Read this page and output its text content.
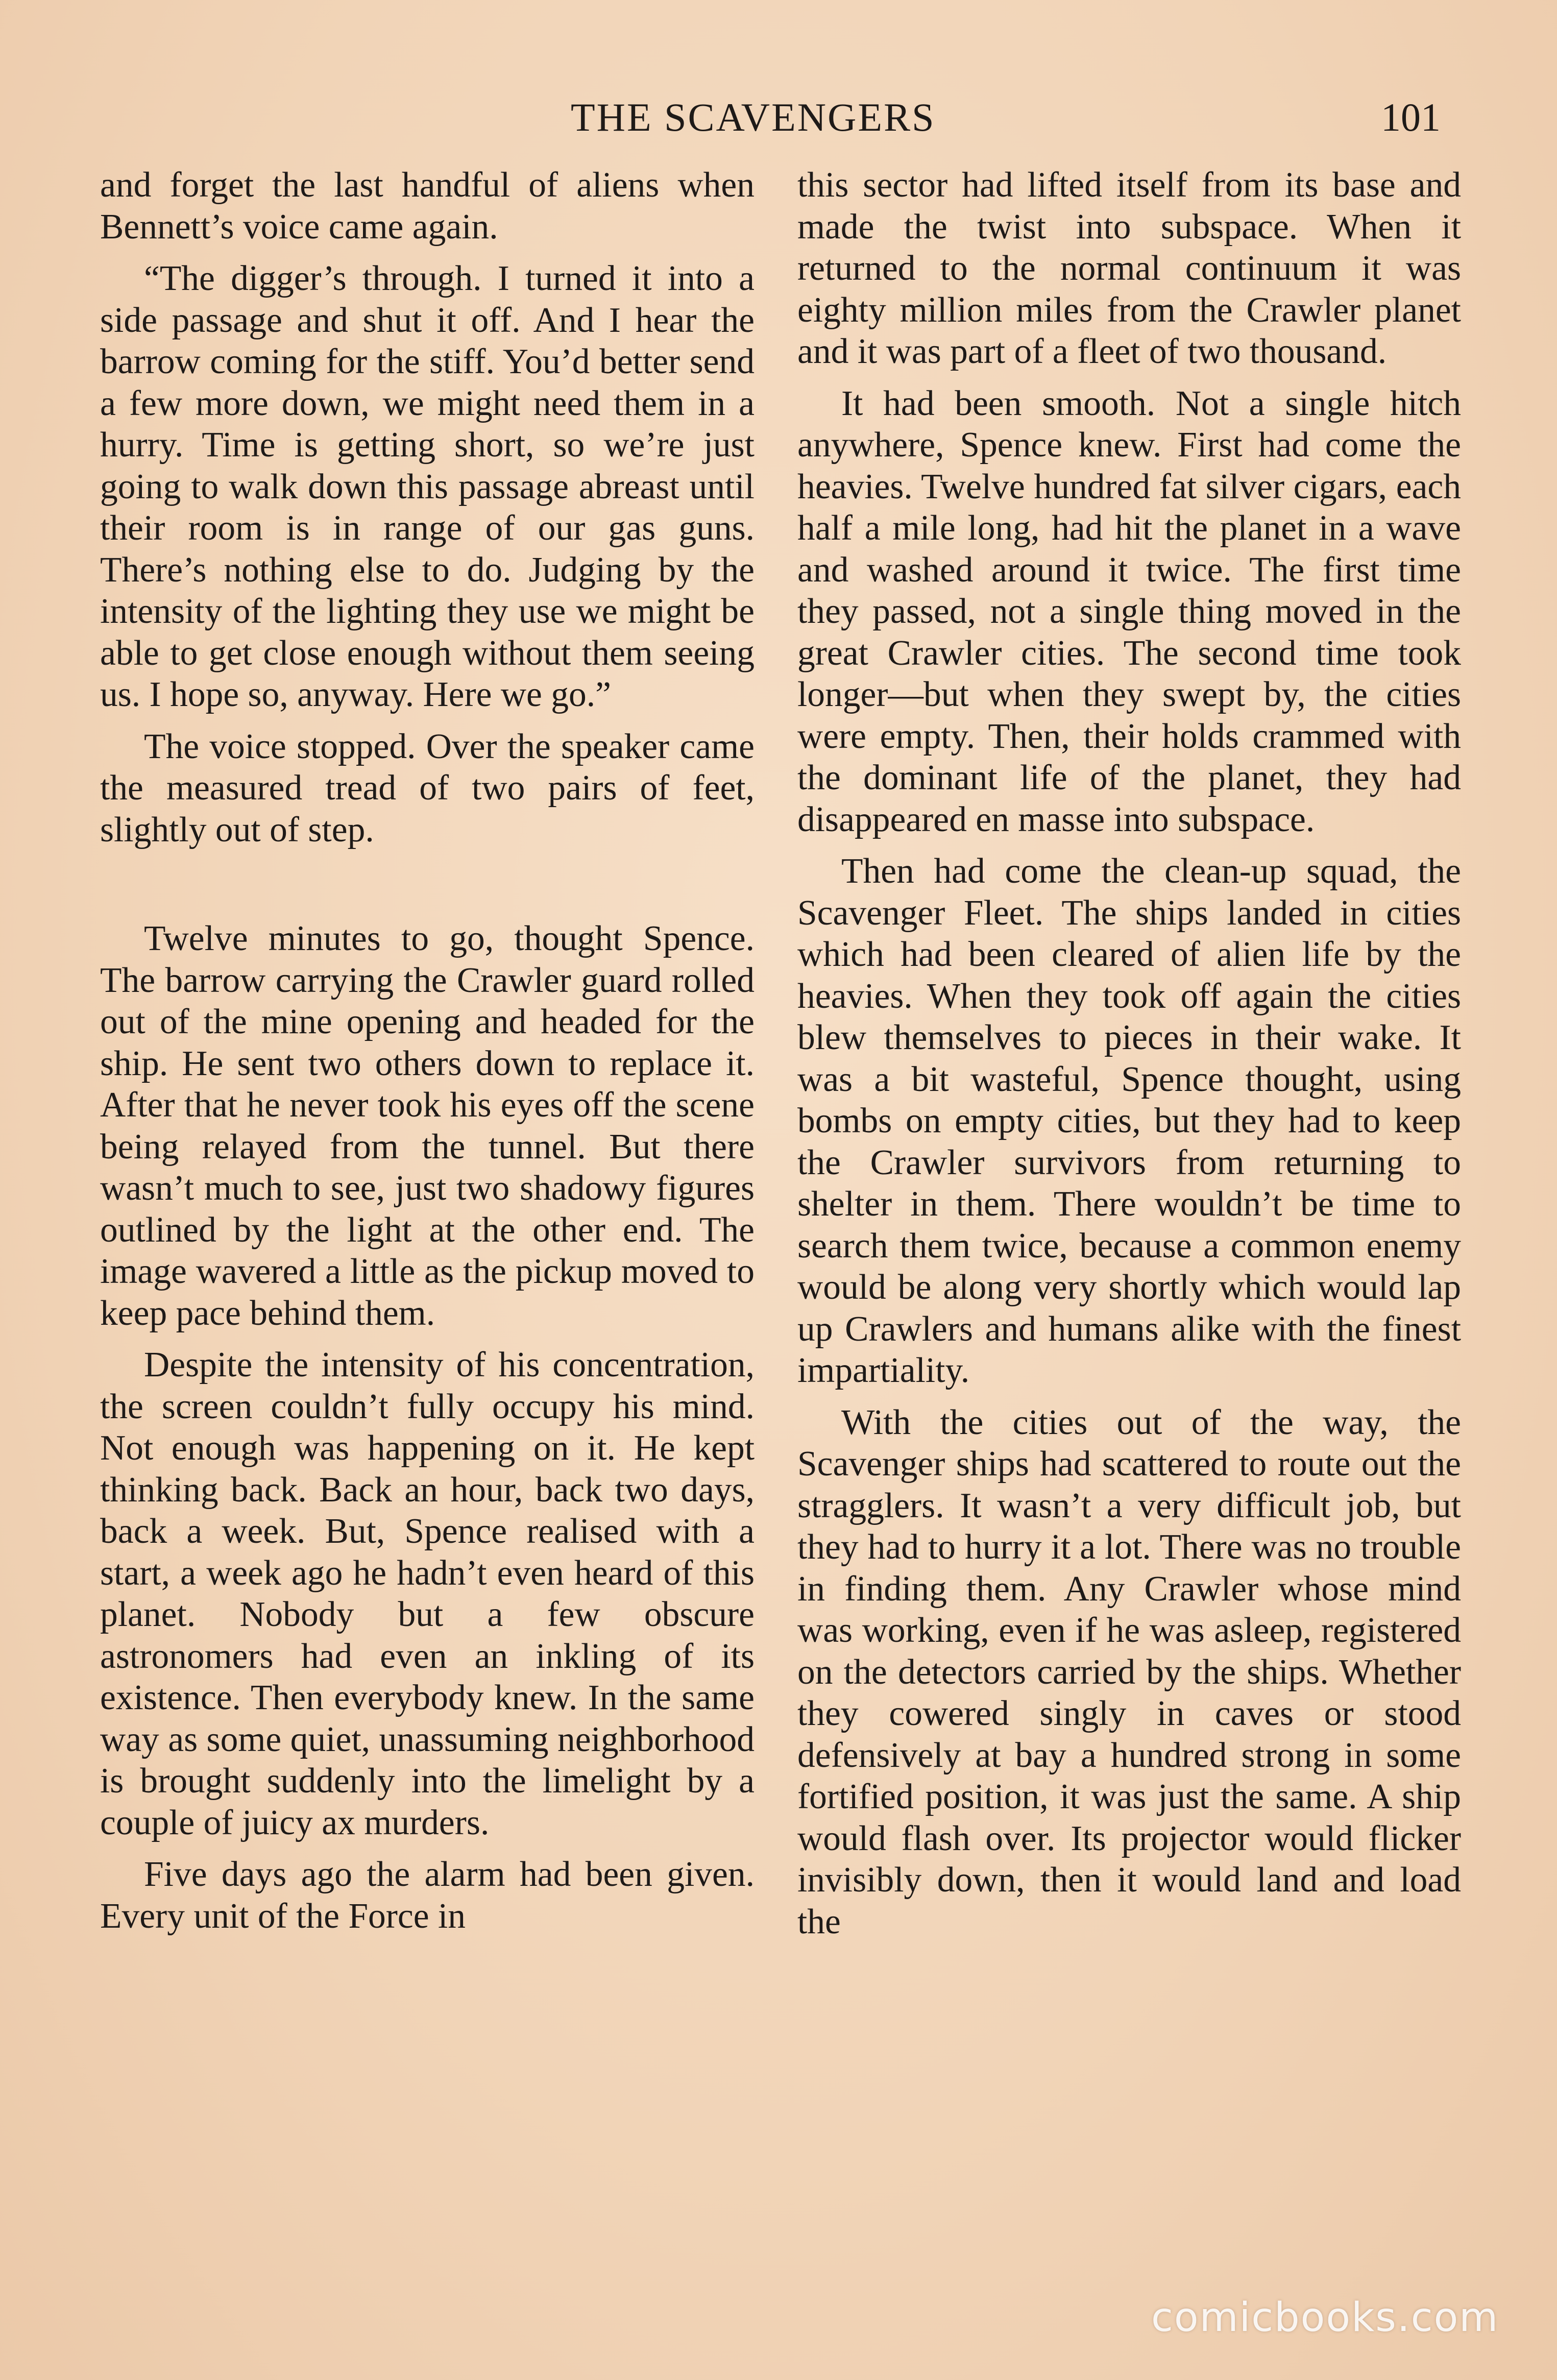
THE SCAVENGERS	101

and forget the last handful of aliens when Bennett’s voice came again.

“The digger’s through. I turned it into a side passage and shut it off. And I hear the barrow coming for the stiff. You’d better send a few more down, we might need them in a hurry. Time is getting short, so we’re just going to walk down this passage abreast until their room is in range of our gas guns. There’s nothing else to do. Judging by the intensity of the lighting they use we might be able to get close enough without them seeing us. I hope so, anyway. Here we go.”

The voice stopped. Over the speaker came the measured tread of two pairs of feet, slightly out of step.

Twelve minutes to go, thought Spence. The barrow carrying the Crawler guard rolled out of the mine opening and headed for the ship. He sent two others down to replace it. After that he never took his eyes off the scene being relayed from the tunnel. But there wasn’t much to see, just two shadowy figures outlined by the light at the other end. The image wavered a little as the pickup moved to keep pace behind them.

Despite the intensity of his concentration, the screen couldn’t fully occupy his mind. Not enough was happening on it. He kept thinking back. Back an hour, back two days, back a week. But, Spence realised with a start, a week ago he hadn’t even heard of this planet. Nobody but a few obscure astronomers had even an inkling of its existence. Then everybody knew. In the same way as some quiet, unassuming neighborhood is brought suddenly into the limelight by a couple of juicy ax murders.

Five days ago the alarm had been given. Every unit of the Force in

this sector had lifted itself from its base and made the twist into subspace. When it returned to the normal continuum it was eighty million miles from the Crawler planet and it was part of a fleet of two thousand.

It had been smooth. Not a single hitch anywhere, Spence knew. First had come the heavies. Twelve hundred fat silver cigars, each half a mile long, had hit the planet in a wave and washed around it twice. The first time they passed, not a single thing moved in the great Crawler cities. The second time took longer—but when they swept by, the cities were empty. Then, their holds crammed with the dominant life of the planet, they had disappeared en masse into subspace.

Then had come the clean-up squad, the Scavenger Fleet. The ships landed in cities which had been cleared of alien life by the heavies. When they took off again the cities blew themselves to pieces in their wake. It was a bit wasteful, Spence thought, using bombs on empty cities, but they had to keep the Crawler survivors from returning to shelter in them. There wouldn’t be time to search them twice, because a common enemy would be along very shortly which would lap up Crawlers and humans alike with the finest impartiality.

With the cities out of the way, the Scavenger ships had scattered to route out the stragglers. It wasn’t a very difficult job, but they had to hurry it a lot. There was no trouble in finding them. Any Crawler whose mind was working, even if he was asleep, registered on the detectors carried by the ships. Whether they cowered singly in caves or stood defensively at bay a hundred strong in some fortified position, it was just the same. A ship would flash over. Its projector would flicker invisibly down, then it would land and load the

comicbooks.com
